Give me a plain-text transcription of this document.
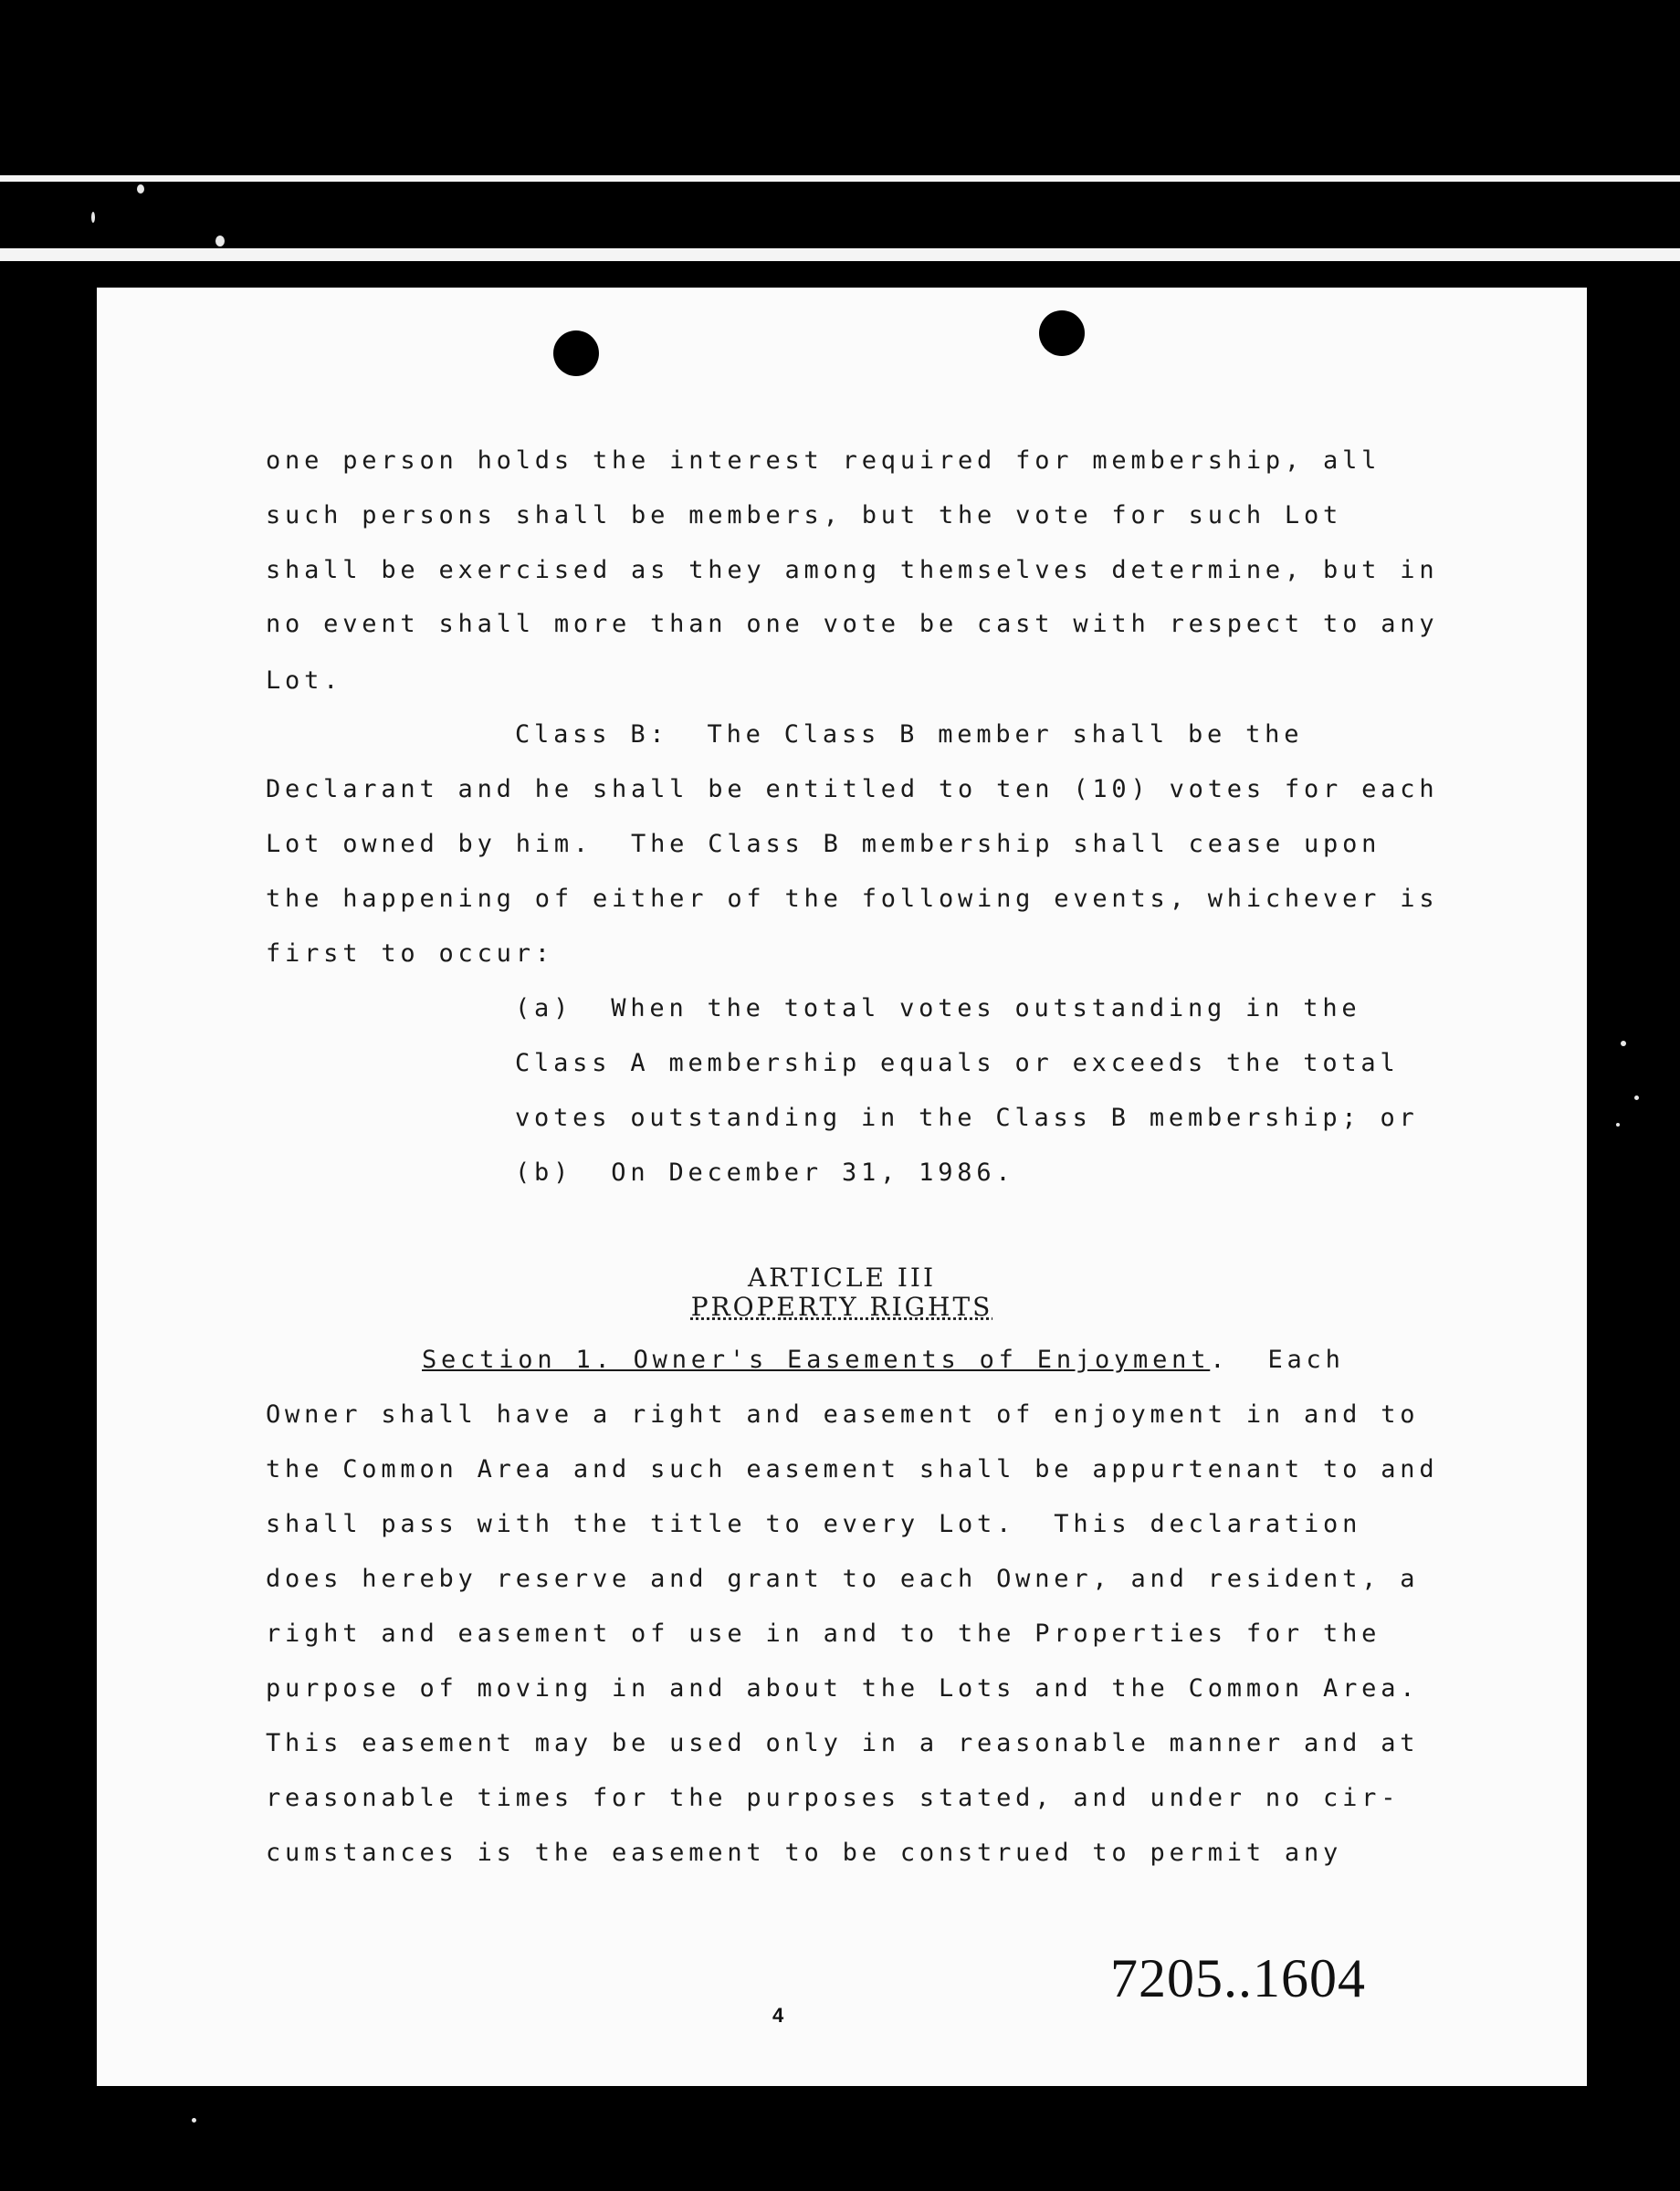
one person holds the interest required for membership, all

such persons shall be members, but the vote for such Lot

shall be exercised as they among themselves determine, but in

no event shall more than one vote be cast with respect to any

Lot.

Class B:  The Class B member shall be the

Declarant and he shall be entitled to ten (10) votes for each

Lot owned by him.  The Class B membership shall cease upon

the happening of either of the following events, whichever is

first to occur:

(a)  When the total votes outstanding in the

Class A membership equals or exceeds the total

votes outstanding in the Class B membership; or

(b)  On December 31, 1986.

ARTICLE III

PROPERTY RIGHTS

Section 1. Owner's Easements of Enjoyment.  Each

Owner shall have a right and easement of enjoyment in and to

the Common Area and such easement shall be appurtenant to and

shall pass with the title to every Lot.  This declaration

does hereby reserve and grant to each Owner, and resident, a

right and easement of use in and to the Properties for the

purpose of moving in and about the Lots and the Common Area.

This easement may be used only in a reasonable manner and at

reasonable times for the purposes stated, and under no cir-

cumstances is the easement to be construed to permit any

7205..1604

4
